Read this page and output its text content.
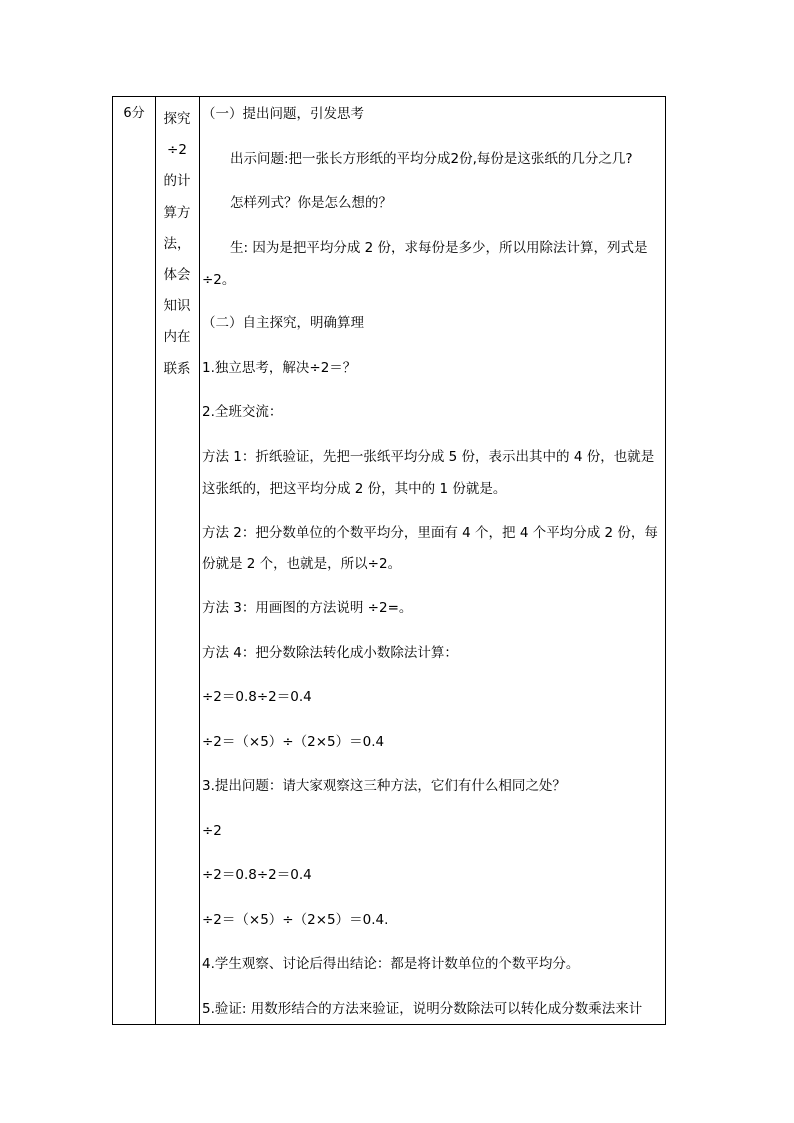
6分	探究
÷2
的计
算方
法，
体会
知识
内在
联系
（一）提出问题，引发思考
出示问题:把一张长方形纸的平均分成2份,每份是这张纸的几分之几?
怎样列式？你是怎么想的？
生: 因为是把平均分成 2 份，求每份是多少，所以用除法计算，列式是
÷2。
（二）自主探究，明确算理
1.独立思考，解决÷2＝？
2.全班交流：
方法 1：折纸验证，先把一张纸平均分成 5 份，表示出其中的 4 份，也就是
这张纸的，把这平均分成 2 份，其中的 1 份就是。
方法 2：把分数单位的个数平均分，里面有 4 个，把 4 个平均分成 2 份，每
份就是 2 个，也就是，所以÷2。
方法 3：用画图的方法说明 ÷2=。
方法 4：把分数除法转化成小数除法计算：
÷2＝0.8÷2＝0.4
÷2＝（×5）÷（2×5）＝0.4
3.提出问题：请大家观察这三种方法，它们有什么相同之处？
÷2
÷2＝0.8÷2＝0.4
÷2＝（×5）÷（2×5）＝0.4.
4.学生观察、讨论后得出结论：都是将计数单位的个数平均分。
5.验证: 用数形结合的方法来验证，说明分数除法可以转化成分数乘法来计
